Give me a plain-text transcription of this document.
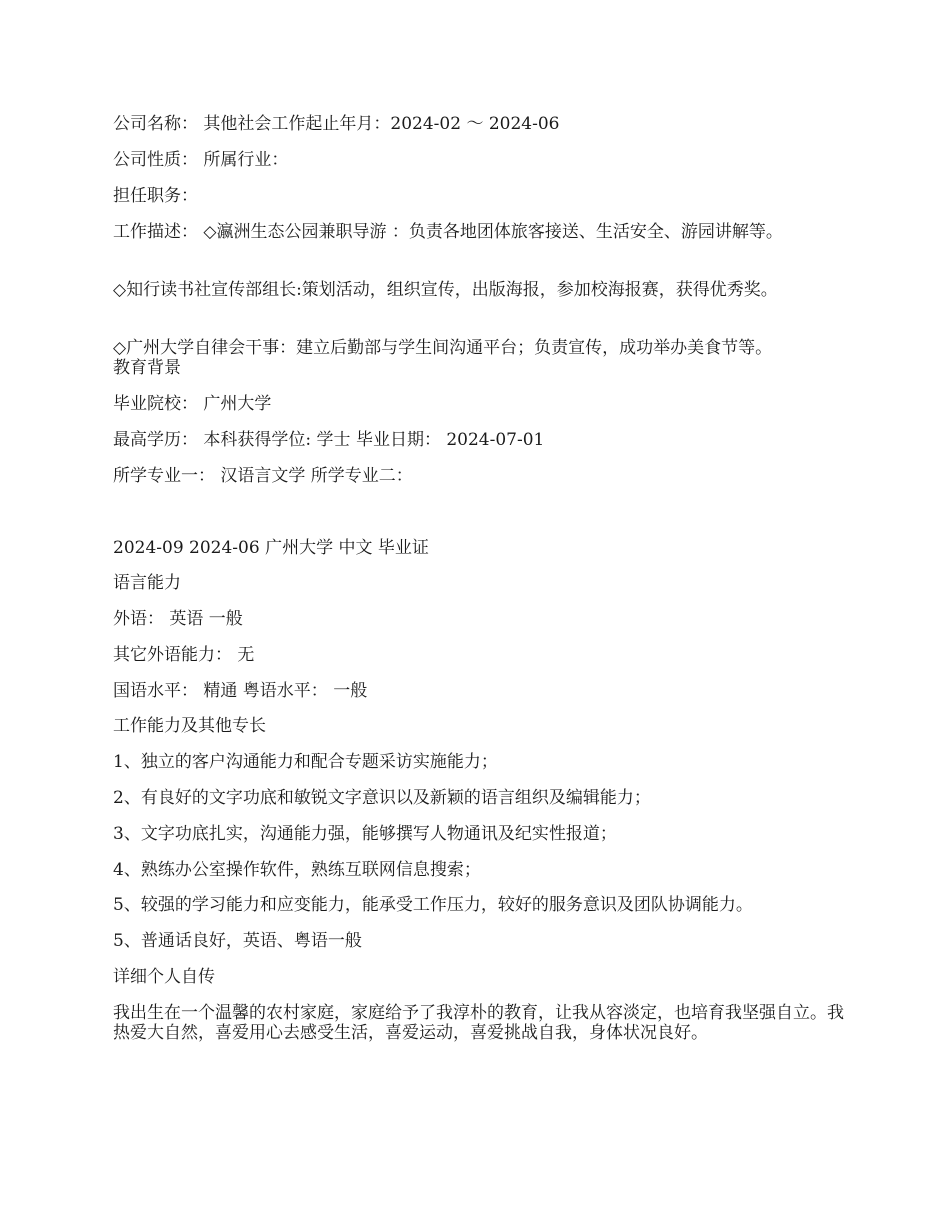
公司名称： 其他社会工作起止年月：2024-02 ～ 2024-06
公司性质： 所属行业：
担任职务：
工作描述： ◇瀛洲生态公园兼职导游 ：负责各地团体旅客接送、生活安全、游园讲解等。
◇知行读书社宣传部组长:策划活动，组织宣传，出版海报，参加校海报赛，获得优秀奖。
◇广州大学自律会干事：建立后勤部与学生间沟通平台；负责宣传，成功举办美食节等。
教育背景
毕业院校： 广州大学
最高学历： 本科获得学位: 学士 毕业日期： 2024-07-01
所学专业一： 汉语言文学 所学专业二：
2024-09 2024-06 广州大学 中文 毕业证
语言能力
外语： 英语 一般
其它外语能力： 无
国语水平： 精通 粤语水平： 一般
工作能力及其他专长
1、独立的客户沟通能力和配合专题采访实施能力；
2、有良好的文字功底和敏锐文字意识以及新颖的语言组织及编辑能力；
3、文字功底扎实，沟通能力强，能够撰写人物通讯及纪实性报道；
4、熟练办公室操作软件，熟练互联网信息搜索；
5、较强的学习能力和应变能力，能承受工作压力，较好的服务意识及团队协调能力。
5、普通话良好，英语、粤语一般
详细个人自传
我出生在一个温馨的农村家庭，家庭给予了我淳朴的教育，让我从容淡定，也培育我坚强自立。我热爱大自然，喜爱用心去感受生活，喜爱运动，喜爱挑战自我，身体状况良好。
